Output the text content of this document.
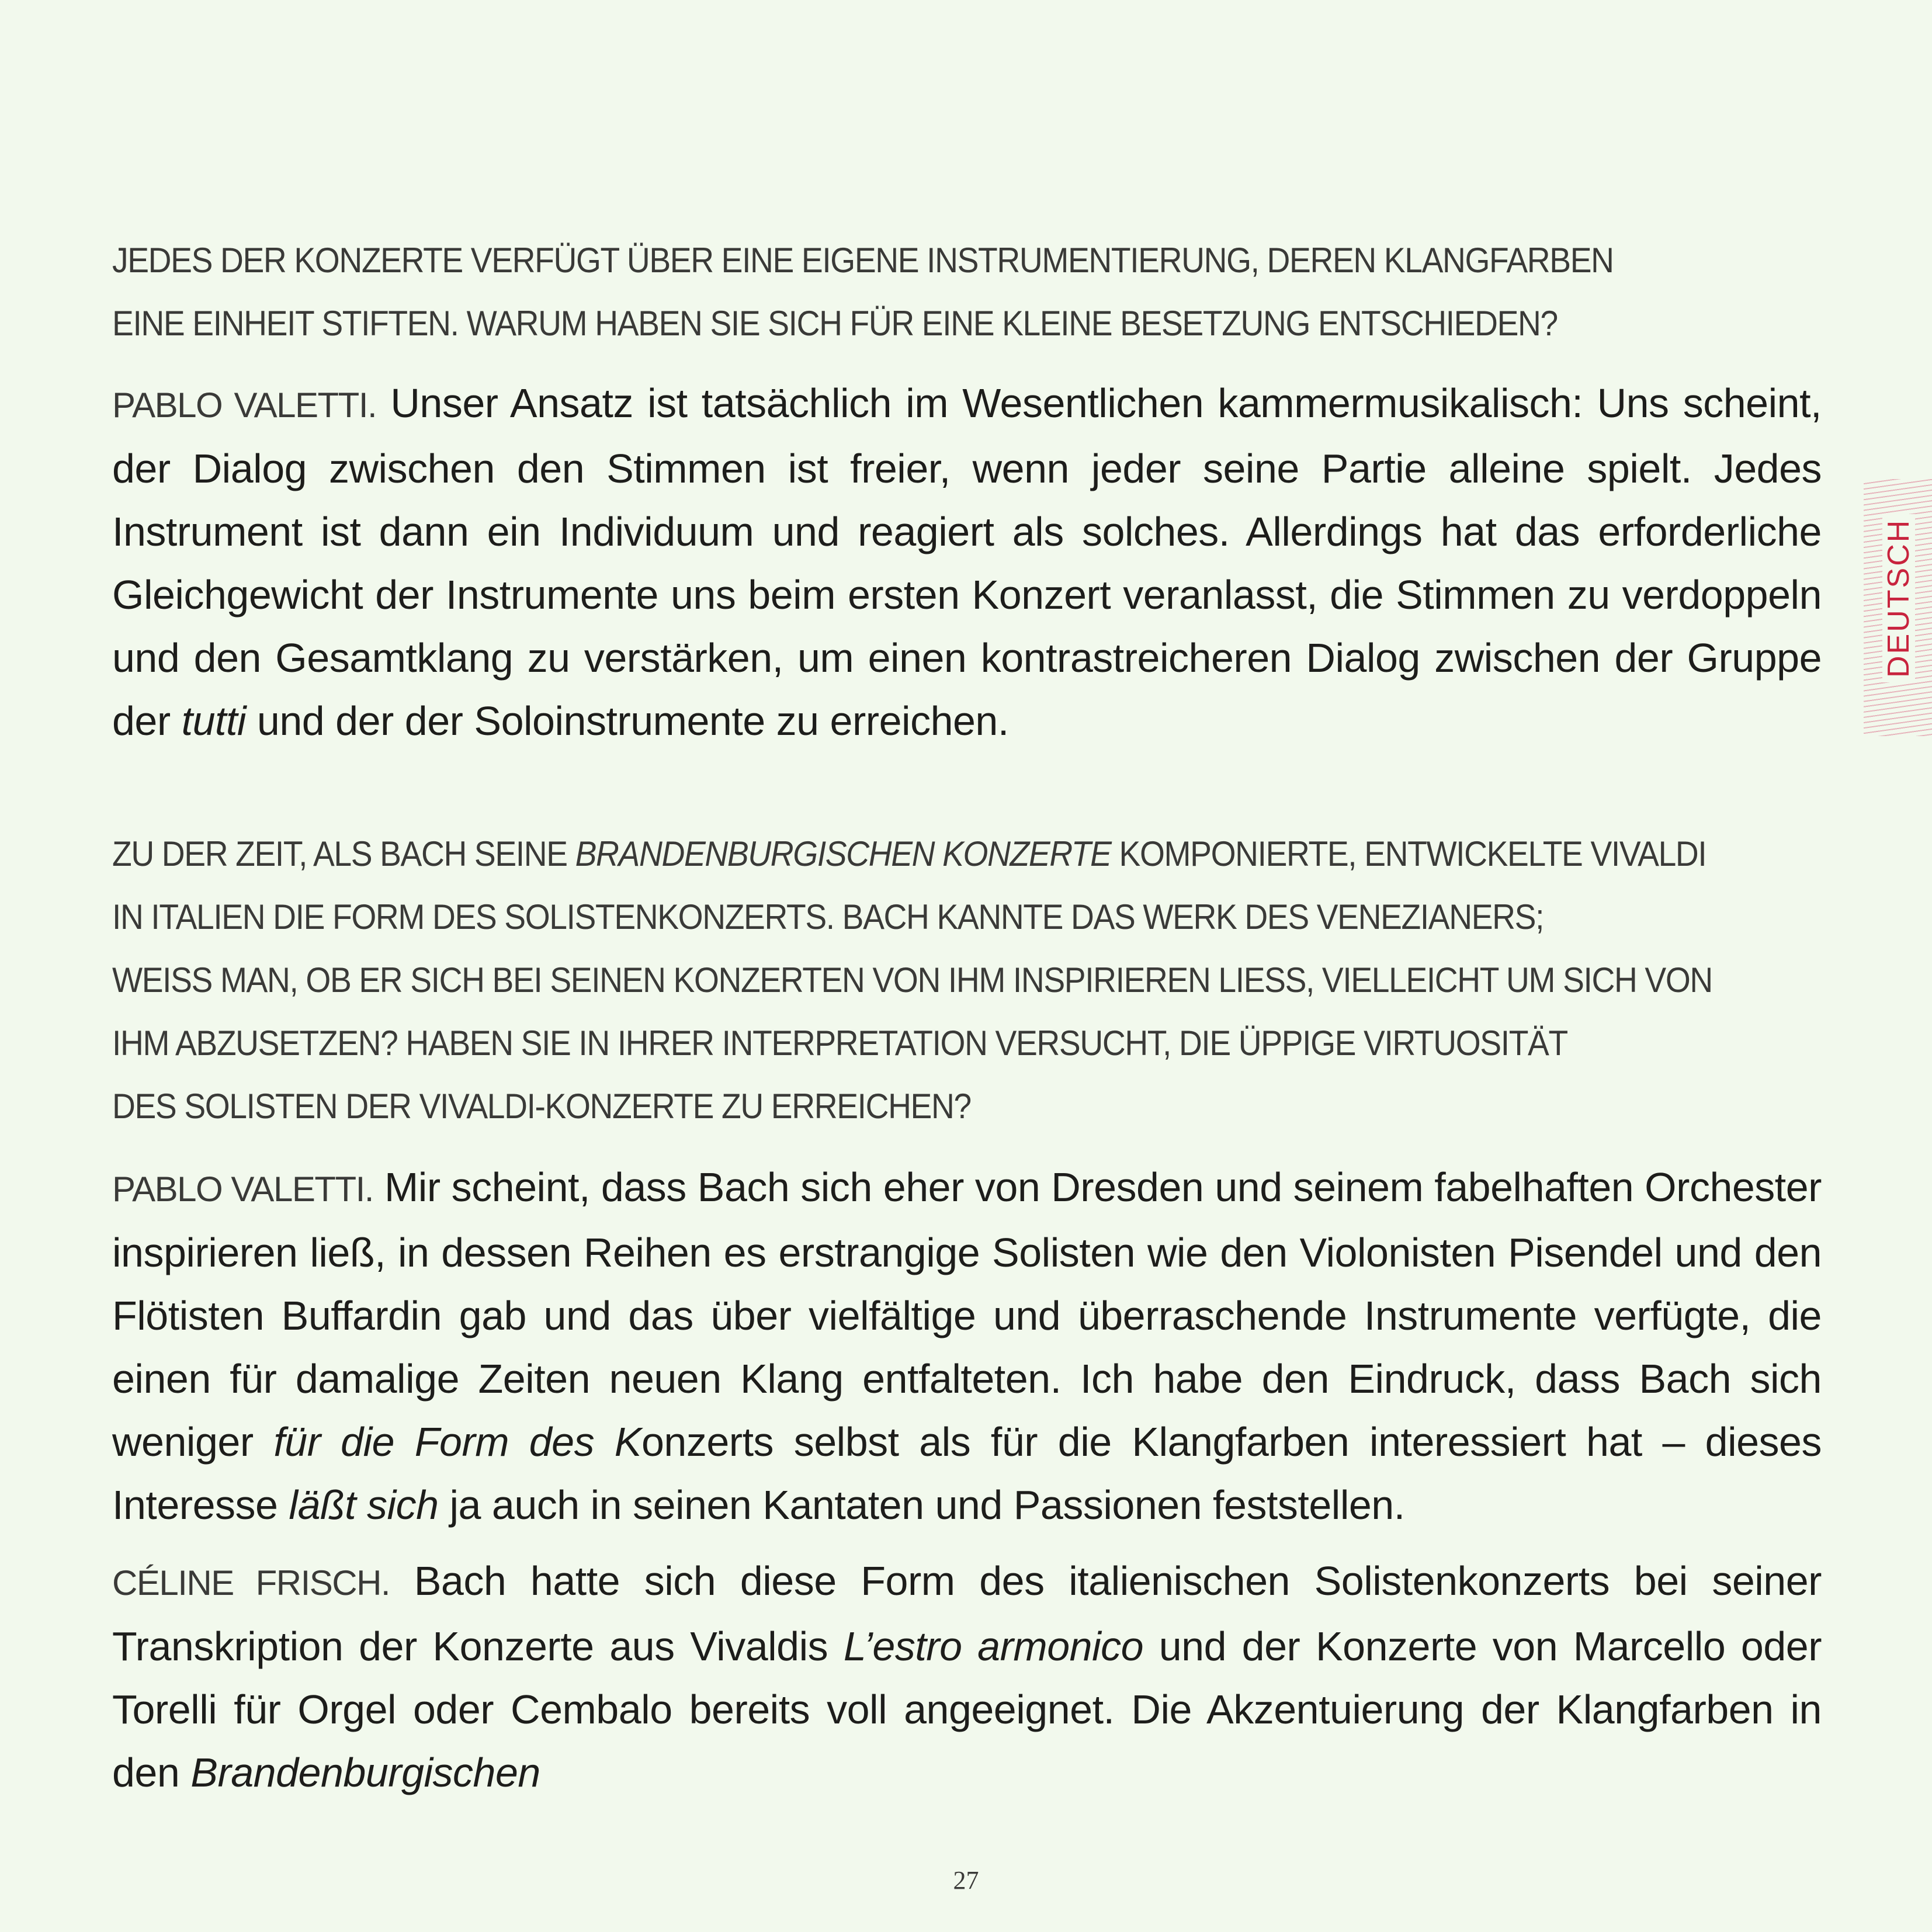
DEUTSCH

JEDES DER KONZERTE VERFÜGT ÜBER EINE EIGENE INSTRUMENTIERUNG, DEREN KLANGFARBEN
EINE EINHEIT STIFTEN. WARUM HABEN SIE SICH FÜR EINE KLEINE BESETZUNG ENTSCHIEDEN?

PABLO VALETTI. Unser Ansatz ist tatsächlich im Wesentlichen kammermusikalisch: Uns scheint, der Dialog zwischen den Stimmen ist freier, wenn jeder seine Partie alleine spielt. Jedes Instrument ist dann ein Individuum und reagiert als solches. Allerdings hat das erforderliche Gleichgewicht der Instrumente uns beim ersten Konzert veranlasst, die Stimmen zu verdoppeln und den Gesamtklang zu verstärken, um einen kontrastreicheren Dialog zwischen der Gruppe der tutti und der der Soloinstrumente zu erreichen.

ZU DER ZEIT, ALS BACH SEINE BRANDENBURGISCHEN KONZERTE KOMPONIERTE, ENTWICKELTE VIVALDI
IN ITALIEN DIE FORM DES SOLISTENKONZERTS. BACH KANNTE DAS WERK DES VENEZIANERS;
WEISS MAN, OB ER SICH BEI SEINEN KONZERTEN VON IHM INSPIRIEREN LIESS, VIELLEICHT UM SICH VON
IHM ABZUSETZEN? HABEN SIE IN IHRER INTERPRETATION VERSUCHT, DIE ÜPPIGE VIRTUOSITÄT
DES SOLISTEN DER VIVALDI-KONZERTE ZU ERREICHEN?

PABLO VALETTI. Mir scheint, dass Bach sich eher von Dresden und seinem fabelhaften Orchester inspirieren ließ, in dessen Reihen es erstrangige Solisten wie den Violonisten Pisendel und den Flötisten Buffardin gab und das über vielfältige und überraschende Instrumente verfügte, die einen für damalige Zeiten neuen Klang entfalteten. Ich habe den Eindruck, dass Bach sich weniger für die Form des Konzerts selbst als für die Klangfarben interessiert hat – dieses Interesse läßt sich ja auch in seinen Kantaten und Passionen feststellen.

CÉLINE FRISCH. Bach hatte sich diese Form des italienischen Solistenkonzerts bei seiner Transkription der Konzerte aus Vivaldis L’estro armonico und der Konzerte von Marcello oder Torelli für Orgel oder Cembalo bereits voll angeeignet. Die Akzentuierung der Klangfarben in den Brandenburgischen

27
